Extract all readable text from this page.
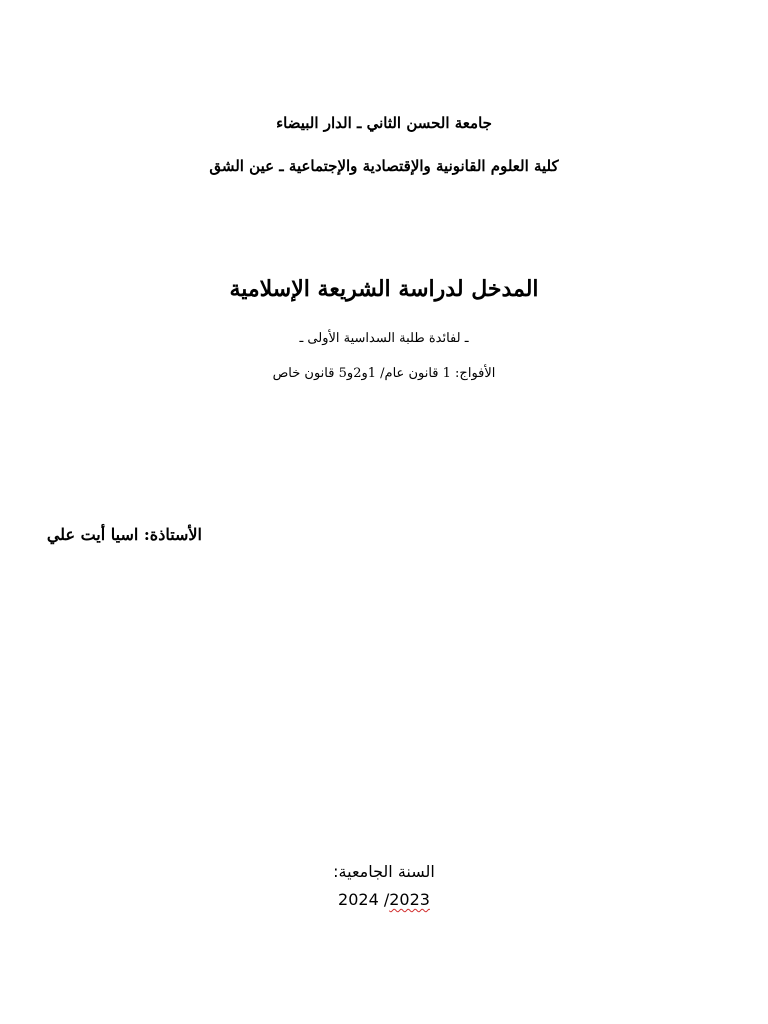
جامعة الحسن الثاني ـ الدار البيضاء
كلية العلوم القانونية والإقتصادية والإجتماعية ـ عين الشق
المدخل لدراسة الشريعة الإسلامية
ـ لفائدة طلبة السداسية الأولى ـ
الأفواج: 1 قانون عام/ 1و2و5 قانون خاص
الأستاذة: اسيا أيت علي
السنة الجامعية:
2024 /2023
